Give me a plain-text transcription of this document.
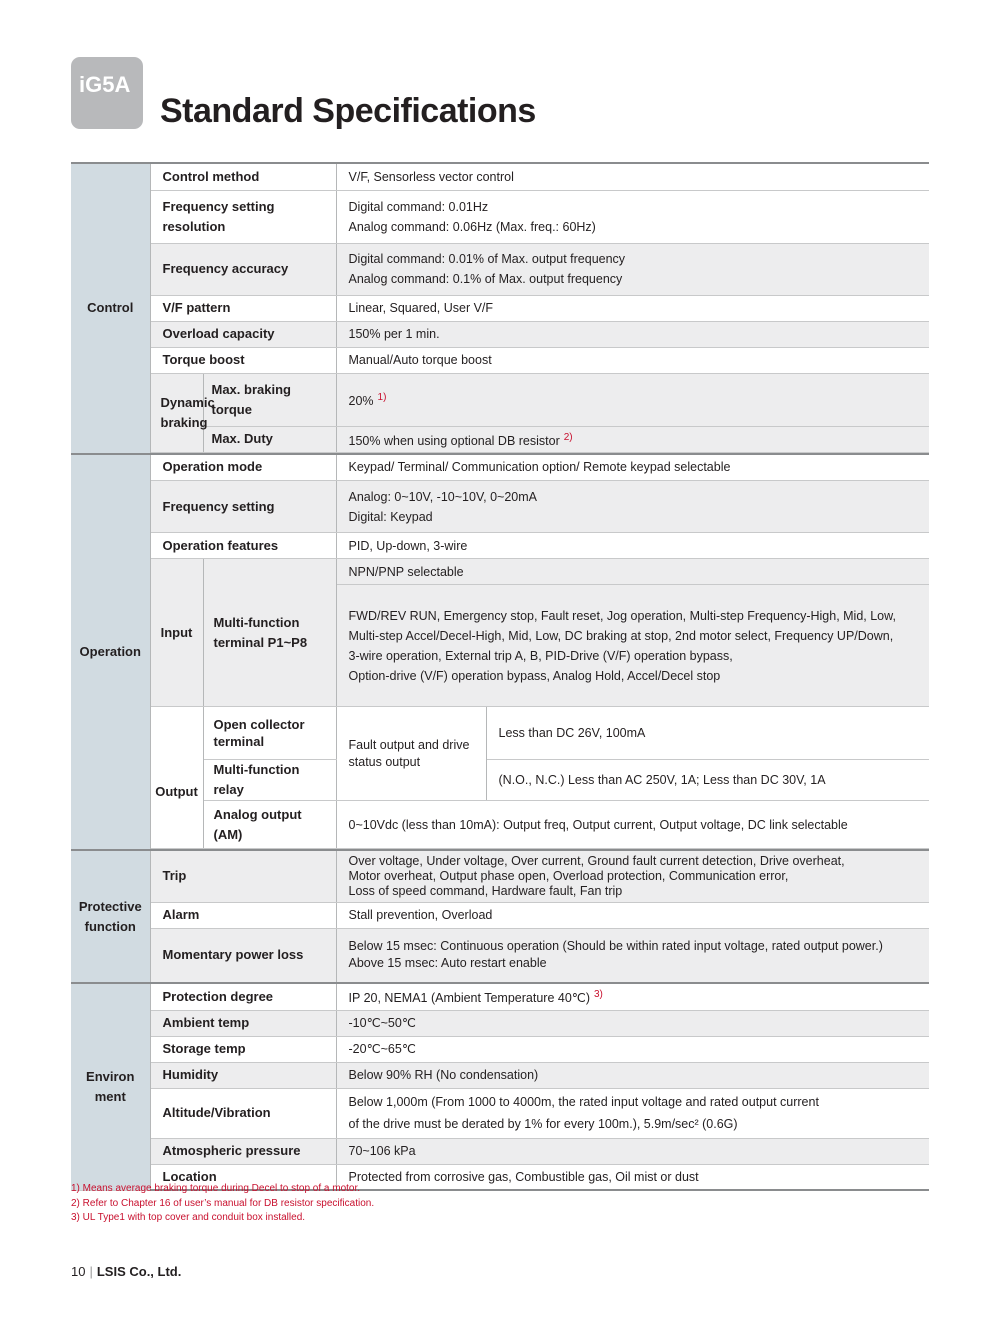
iG5A
Standard Specifications
Control	Control method		V/F, Sensorless vector control	
	Frequency setting resolution		Digital command: 0.01Hz
Analog command: 0.06Hz (Max. freq.: 60Hz)	

	Frequency accuracy		Digital command: 0.01% of Max. output frequency
Analog command: 0.1% of Max. output frequency	

	V/F pattern		Linear, Squared, User V/F	
	Overload capacity		150% per 1 min.	
	Torque boost		Manual/Auto torque boost	
	Dynamic braking	Max. braking torque	20% $^{1)}$
		Max. Duty	150% when using optional DB resistor $^{2)}$

Operation	Operation mode		Keypad/ Terminal/ Communication option/ Remote keypad selectable	
	Frequency setting		Analog: 0~10V, -10~10V, 0~20mA
Digital: Keypad	

	Operation features		PID, Up-down, 3-wire	
	Input	Multi-function terminal P1~P8	NPN/PNP selectable	

			FWD/REV RUN, Emergency stop, Fault reset, Jog operation, Multi-step Frequency-High, Mid, Low,
Multi-step Accel/Decel-High, Mid, Low, DC braking at stop, 2nd motor select, Frequency UP/Down,
3-wire operation, External trip A, B, PID-Drive (V/F) operation bypass,
Option-drive (V/F) operation bypass, Analog Hold, Accel/Decel stop	

	Output	Open collector terminal	Fault output and drive status output	Less than DC 26V, 100mA
		Multi-function relay		(N.O., N.C.) Less than AC 250V, 1A; Less than DC 30V, 1A
		Analog output (AM)	0~10Vdc (less than 10mA): Output freq, Output current, Output voltage, DC link selectable	

Protective function	Trip		Over voltage, Under voltage, Over current, Ground fault current detection, Drive overheat,
Motor overheat, Output phase open, Overload protection, Communication error,
Loss of speed command, Hardware fault, Fan trip	

	Alarm		Stall prevention, Overload	
	Momentary power loss		Below 15 msec: Continuous operation (Should be within rated input voltage, rated output power.)
Above 15 msec: Auto restart enable	

Environ ment	Protection degree		IP 20, NEMA1 (Ambient Temperature 40℃) $^{3)}$
	Ambient temp		-10℃~50℃	
	Storage temp		-20℃~65℃	
	Humidity		Below 90% RH (No condensation)	
	Altitude/Vibration		Below 1,000m (From 1000 to 4000m, the rated input voltage and rated output current
of the drive must be derated by 1% for every 100m.), 5.9m/sec² (0.6G)	

	Atmospheric pressure		70~106 kPa	
	Location		Protected from corrosive gas, Combustible gas, Oil mist or dust	
1) Means average braking torque during Decel to stop of a motor.
2) Refer to Chapter 16 of user’s manual for DB resistor specification.
3) UL Type1 with top cover and conduit box installed.
10 | LSIS Co., Ltd.
